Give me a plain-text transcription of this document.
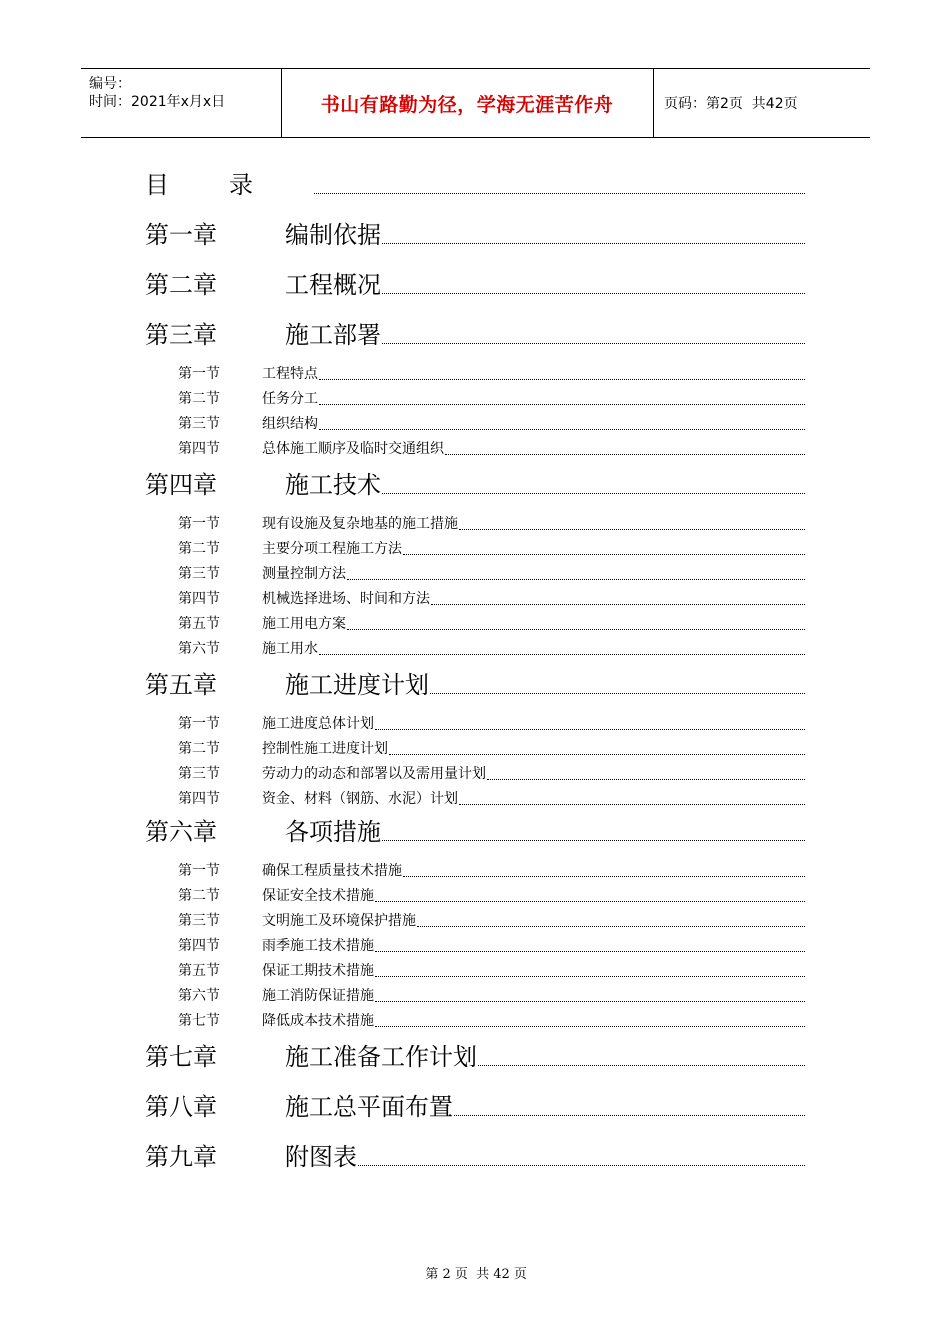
编号：
时间：2021年x月x日	书山有路勤为径，学海无涯苦作舟	页码：第2页  共42页
目录
第一章	编制依据
第二章	工程概况
第三章	施工部署
第一节	工程特点
第二节	任务分工
第三节	组织结构
第四节	总体施工顺序及临时交通组织
第四章	施工技术
第一节	现有设施及复杂地基的施工措施
第二节	主要分项工程施工方法
第三节	测量控制方法
第四节	机械选择进场、时间和方法
第五节	施工用电方案
第六节	施工用水
第五章	施工进度计划
第一节	施工进度总体计划
第二节	控制性施工进度计划
第三节	劳动力的动态和部署以及需用量计划
第四节	资金、材料（钢筋、水泥）计划
第六章	各项措施
第一节	确保工程质量技术措施
第二节	保证安全技术措施
第三节	文明施工及环境保护措施
第四节	雨季施工技术措施
第五节	保证工期技术措施
第六节	施工消防保证措施
第七节	降低成本技术措施
第七章	施工准备工作计划
第八章	施工总平面布置
第九章	附图表

第 2 页  共 42 页
